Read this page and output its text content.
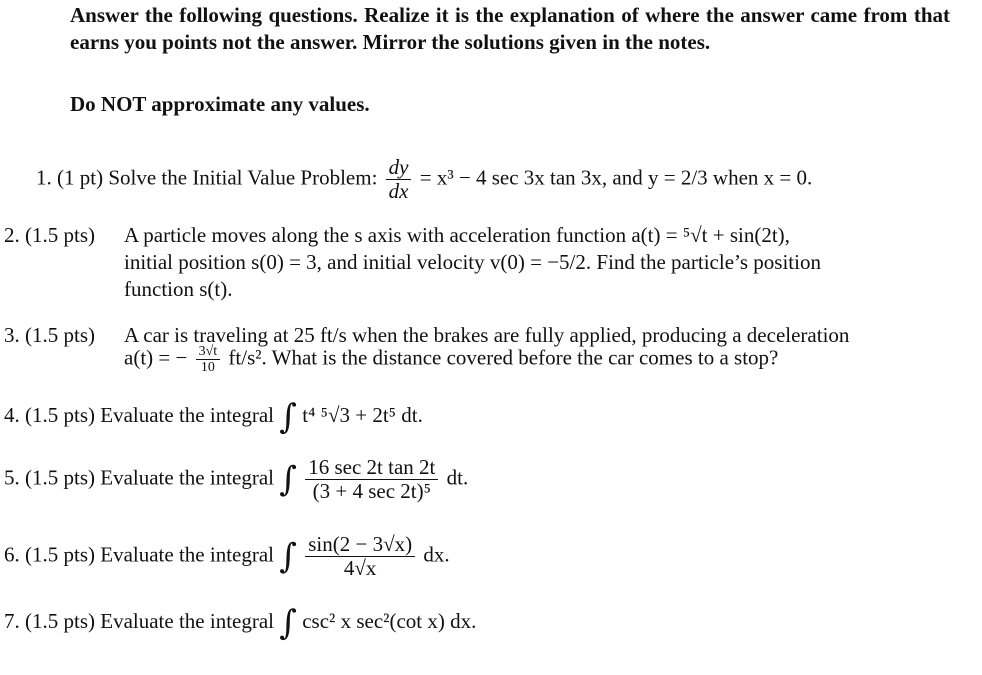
Answer the following questions. Realize it is the explanation of where the answer came from that earns you points not the answer. Mirror the solutions given in the notes.
Do NOT approximate any values.
1. (1 pt) Solve the Initial Value Problem: $\frac{dy}{dx} = x^3 - 4$ sec 3x tan 3x, and y = 2/3 when x = 0.
2. (1.5 pts) A particle moves along the s axis with acceleration function a(t) = ⁵√t + sin(2t),
initial position s(0) = 3, and initial velocity v(0) = −5/2. Find the particle’s position
function s(t).
3. (1.5 pts) A car is traveling at 25 ft/s when the brakes are fully applied, producing a deceleration
a(t) = − $\frac{3√t}{10} ft/s^2$. What is the distance covered before the car comes to a stop?
4. (1.5 pts) Evaluate the integral ∫ t⁴ ⁵√3 + 2t⁵ dt.
5. (1.5 pts) Evaluate the integral ∫ $\frac{\text{16 sec 2t tan 2t}}{\text{(3 + 4 sec 2t)⁵}}$ dt.
6. (1.5 pts) Evaluate the integral ∫ $\frac{\sin(2 - 3√x)}{4√x}$ dx.
7. (1.5 pts) Evaluate the integral ∫ csc² x sec²(cot x) dx.
